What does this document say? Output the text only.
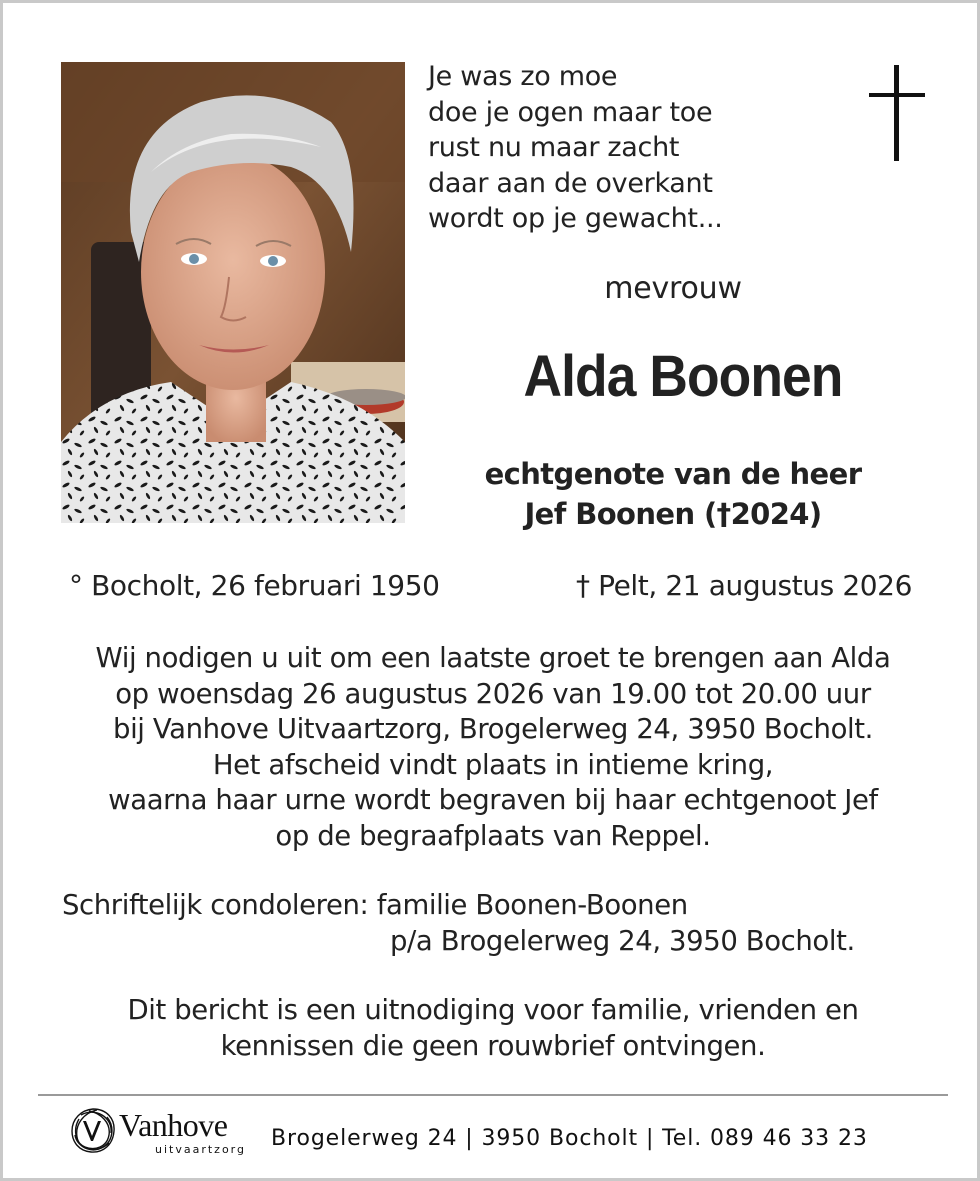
Je was zo moe
doe je ogen maar toe
rust nu maar zacht
daar aan de overkant
wordt op je gewacht...
mevrouw
Alda Boonen
echtgenote van de heer
Jef Boonen (†2024)
° Bocholt, 26 februari 1950	† Pelt, 21 augustus 2026
Wij nodigen u uit om een laatste groet te brengen aan Alda
op woensdag 26 augustus 2026 van 19.00 tot 20.00 uur
bij Vanhove Uitvaartzorg, Brogelerweg 24, 3950 Bocholt.
Het afscheid vindt plaats in intieme kring,
waarna haar urne wordt begraven bij haar echtgenoot Jef
op de begraafplaats van Reppel.
Schriftelijk condoleren: familie Boonen-Boonen
p/a Brogelerweg 24, 3950 Bocholt.
Dit bericht is een uitnodiging voor familie, vrienden en
kennissen die geen rouwbrief ontvingen.
Vanhove
uitvaartzorg Brogelerweg 24 | 3950 Bocholt | Tel. 089 46 33 23
